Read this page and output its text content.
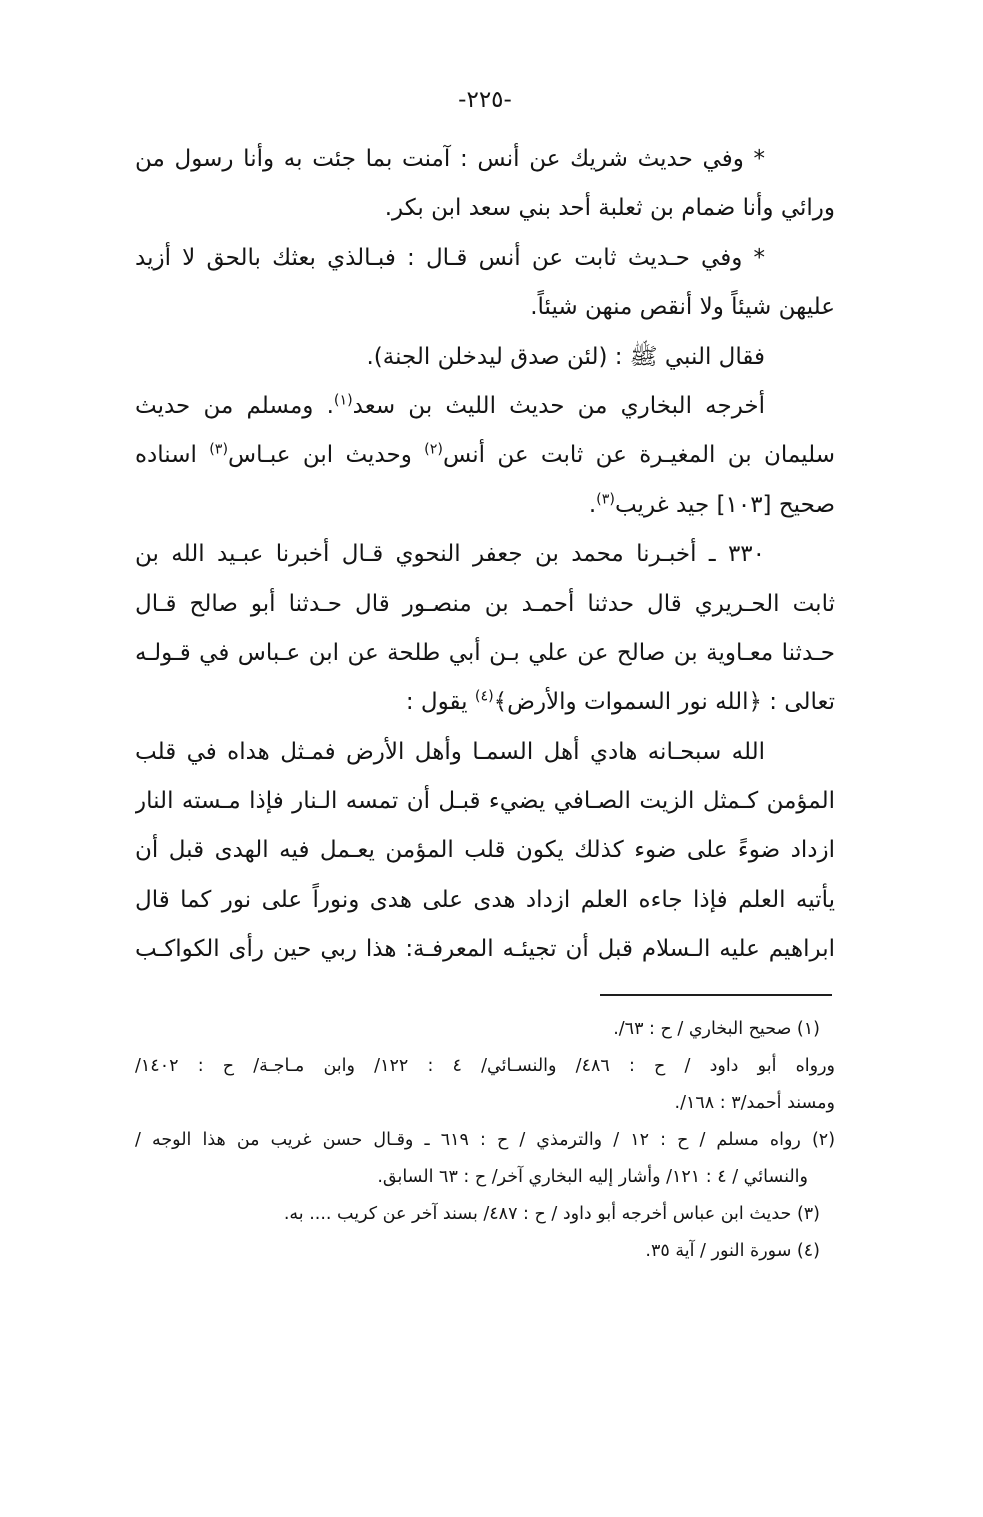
-٢٢٥-
* وفي حديث شريك عن أنس : آمنت بما جئت به وأنا رسول من
ورائي وأنا ضمام بن ثعلبة أحد بني سعد ابن بكر.
* وفي حـديث ثابت عن أنس قـال : فبـالذي بعثك بالحق لا أزيد
عليهن شيئاً ولا أنقص منهن شيئاً.
فقال النبي ﷺ : (لئن صدق ليدخلن الجنة).
أخرجه البخاري من حديث الليث بن سعد$^{(١)}$. ومسلم من حديث
سليمان بن المغيـرة عن ثابت عن أنس$^{(٢)}$ وحديث ابن عبـاس$^{(٣)}$ اسناده
صحيح [١٠٣] جيد غريب$^{(٣)}$.
٣٣٠ ـ أخبـرنا محمد بن جعفر النحوي قـال أخبرنا عبـيد الله بن
ثابت الحـريري قال حدثنا أحمـد بن منصـور قال حـدثنا أبو صالح قـال
حـدثنا معـاوية بن صالح عن علي بـن أبي طلحة عن ابن عـباس في قـولـه
تعالى : ﴿الله نور السموات والأرض﴾$^{(٤)}$ يقول :
الله سبحـانه هادي أهل السمـا وأهل الأرض فمـثل هداه في قلب
المؤمن كـمثل الزيت الصـافي يضيء قبـل أن تمسه الـنار فإذا مـسته النار
ازداد ضوءً على ضوء كذلك يكون قلب المؤمن يعـمل فيه الهدى قبل أن
يأتيه العلم فإذا جاءه العلم ازداد هدى على هدى ونوراً على نور كما قال
ابراهيم عليه الـسلام قبل أن تجيئـه المعرفـة: هذا ربي حين رأى الكواكـب
(١) صحيح البخاري / ح : ٦٣/.
ورواه أبو داود / ح : ٤٨٦/ والنسـائي/ ٤ : ١٢٢/ وابن مـاجـة/ ح : ١٤٠٢/
ومسند أحمد/٣ : ١٦٨/.
(٢) رواه مسلم / ح : ١٢ / والترمذي / ح : ٦١٩ ـ وقـال حسن غريب من هذا الوجه /
والنسائي / ٤ : ١٢١/ وأشار إليه البخاري آخر/ ح : ٦٣ السابق.
(٣) حديث ابن عباس أخرجه أبو داود / ح : ٤٨٧/ بسند آخر عن كريب .... به.
(٤) سورة النور / آية ٣٥.
